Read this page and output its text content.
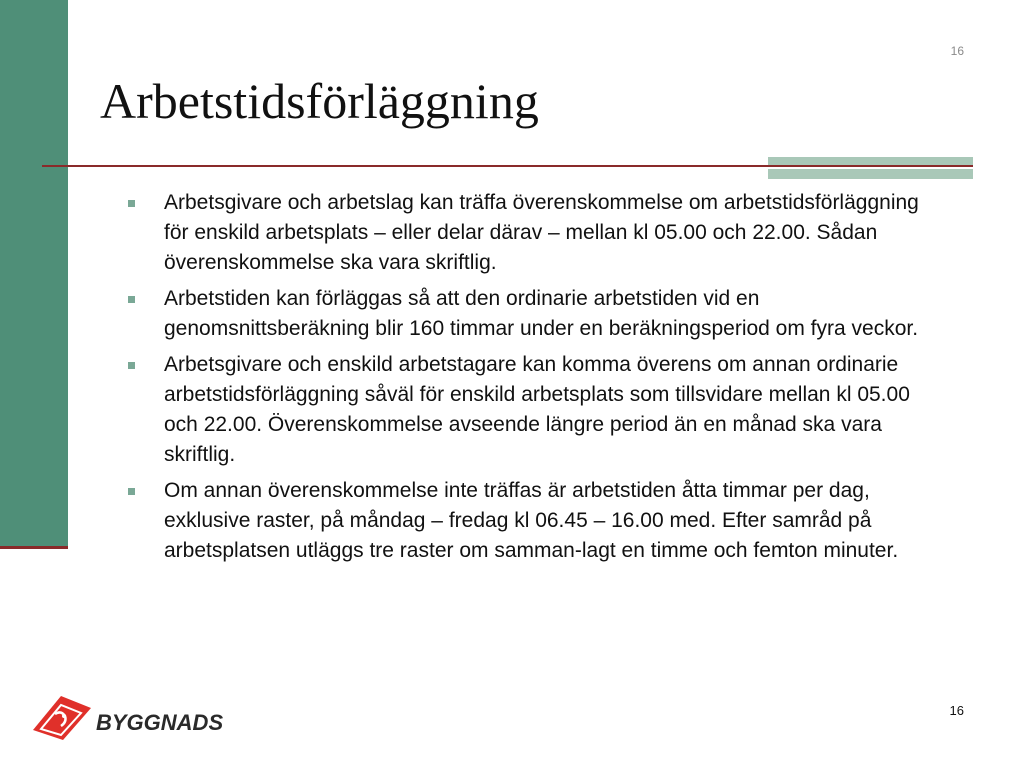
16
Arbetstidsförläggning
Arbetsgivare och arbetslag kan träffa överenskommelse om arbetstidsförläggning för enskild arbetsplats – eller delar därav – mellan kl 05.00 och 22.00. Sådan överenskommelse ska vara skriftlig.
Arbetstiden kan förläggas så att den ordinarie arbetstiden vid en genomsnittsberäkning blir 160 timmar under en beräkningsperiod om fyra veckor.
Arbetsgivare och enskild arbetstagare kan komma överens om annan ordinarie arbetstidsförläggning såväl för enskild arbetsplats som tillsvidare mellan kl 05.00 och 22.00. Överenskommelse avseende längre period än en månad ska vara skriftlig.
Om annan överenskommelse inte träffas är arbetstiden åtta timmar per dag, exklusive raster, på måndag – fredag kl 06.45 – 16.00 med. Efter samråd på arbetsplatsen utläggs tre raster om samman-lagt en timme och femton minuter.
BYGGNADS	16
